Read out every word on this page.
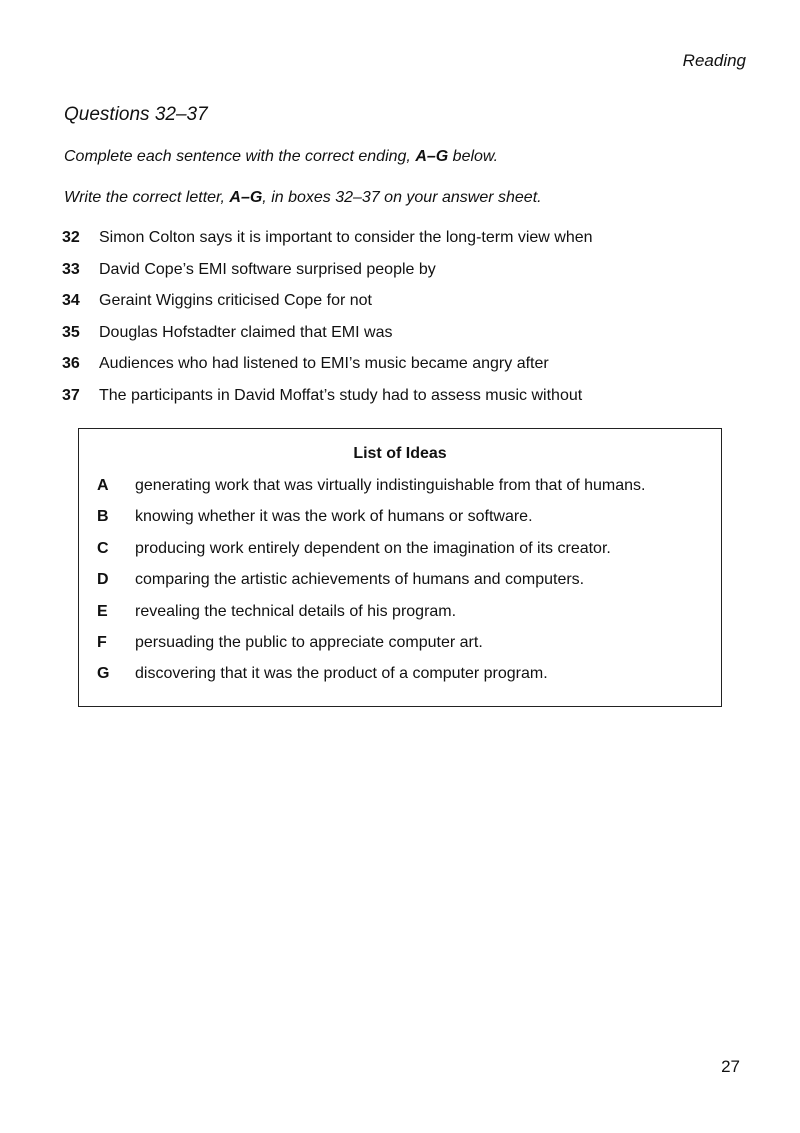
Reading
Questions 32–37
Complete each sentence with the correct ending, A–G below.
Write the correct letter, A–G, in boxes 32–37 on your answer sheet.
32	Simon Colton says it is important to consider the long-term view when
33	David Cope’s EMI software surprised people by
34	Geraint Wiggins criticised Cope for not
35	Douglas Hofstadter claimed that EMI was
36	Audiences who had listened to EMI’s music became angry after
37	The participants in David Moffat’s study had to assess music without
List of Ideas
A	generating work that was virtually indistinguishable from that of humans.
B	knowing whether it was the work of humans or software.
C	producing work entirely dependent on the imagination of its creator.
D	comparing the artistic achievements of humans and computers.
E	revealing the technical details of his program.
F	persuading the public to appreciate computer art.
G	discovering that it was the product of a computer program.
27
